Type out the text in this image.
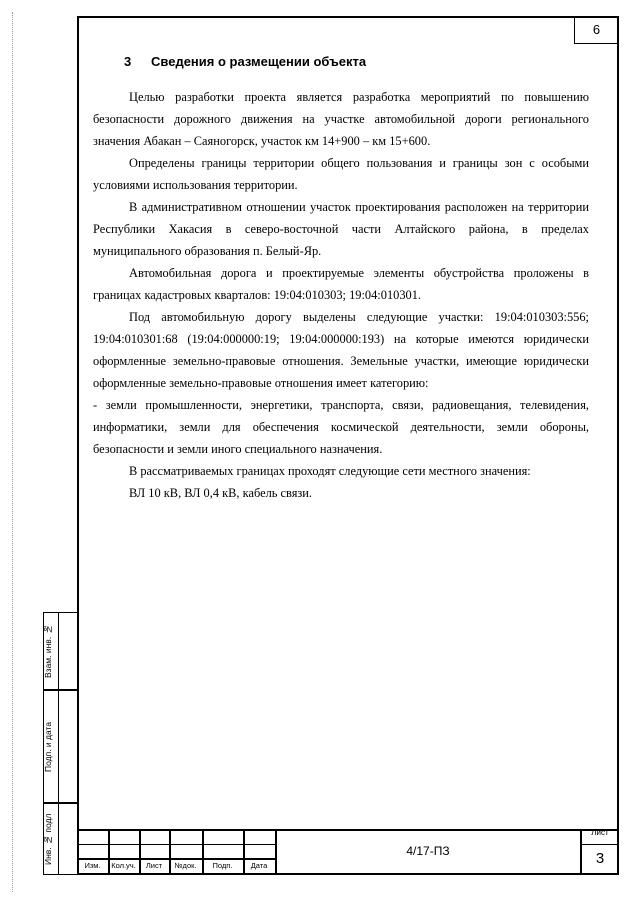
6
3 Сведения о размещении объекта

Целью разработки проекта является разработка мероприятий по повышению безопасности дорожного движения на участке автомобильной дороги регионального значения Абакан – Саяногорск, участок км 14+900 – км 15+600.

Определены границы территории общего пользования и границы зон с особыми условиями использования территории.

В административном отношении участок проектирования расположен на территории Республики Хакасия в северо-восточной части Алтайского района, в пределах муниципального образования п. Белый-Яр.

Автомобильная дорога и проектируемые элементы обустройства проложены в границах кадастровых кварталов: 19:04:010303; 19:04:010301.

Под автомобильную дорогу выделены следующие участки: 19:04:010303:556; 19:04:010301:68 (19:04:000000:19; 19:04:000000:193) на которые имеются юридически оформленные земельно-правовые отношения. Земельные участки, имеющие юридически оформленные земельно-правовые отношения имеет категорию:

- земли промышленности, энергетики, транспорта, связи, радиовещания, телевидения, информатики, земли для обеспечения космической деятельности, земли обороны, безопасности и земли иного специального назначения.

В рассматриваемых границах проходят следующие сети местного значения:

ВЛ 10 кВ, ВЛ 0,4 кВ, кабель связи.

Взам. инв. №
Подп. и дата
Инв. № подл
Изм.	Кол.уч.	Лист	№док.	Подп.	Дата
4/17-ПЗ
Лист
3
